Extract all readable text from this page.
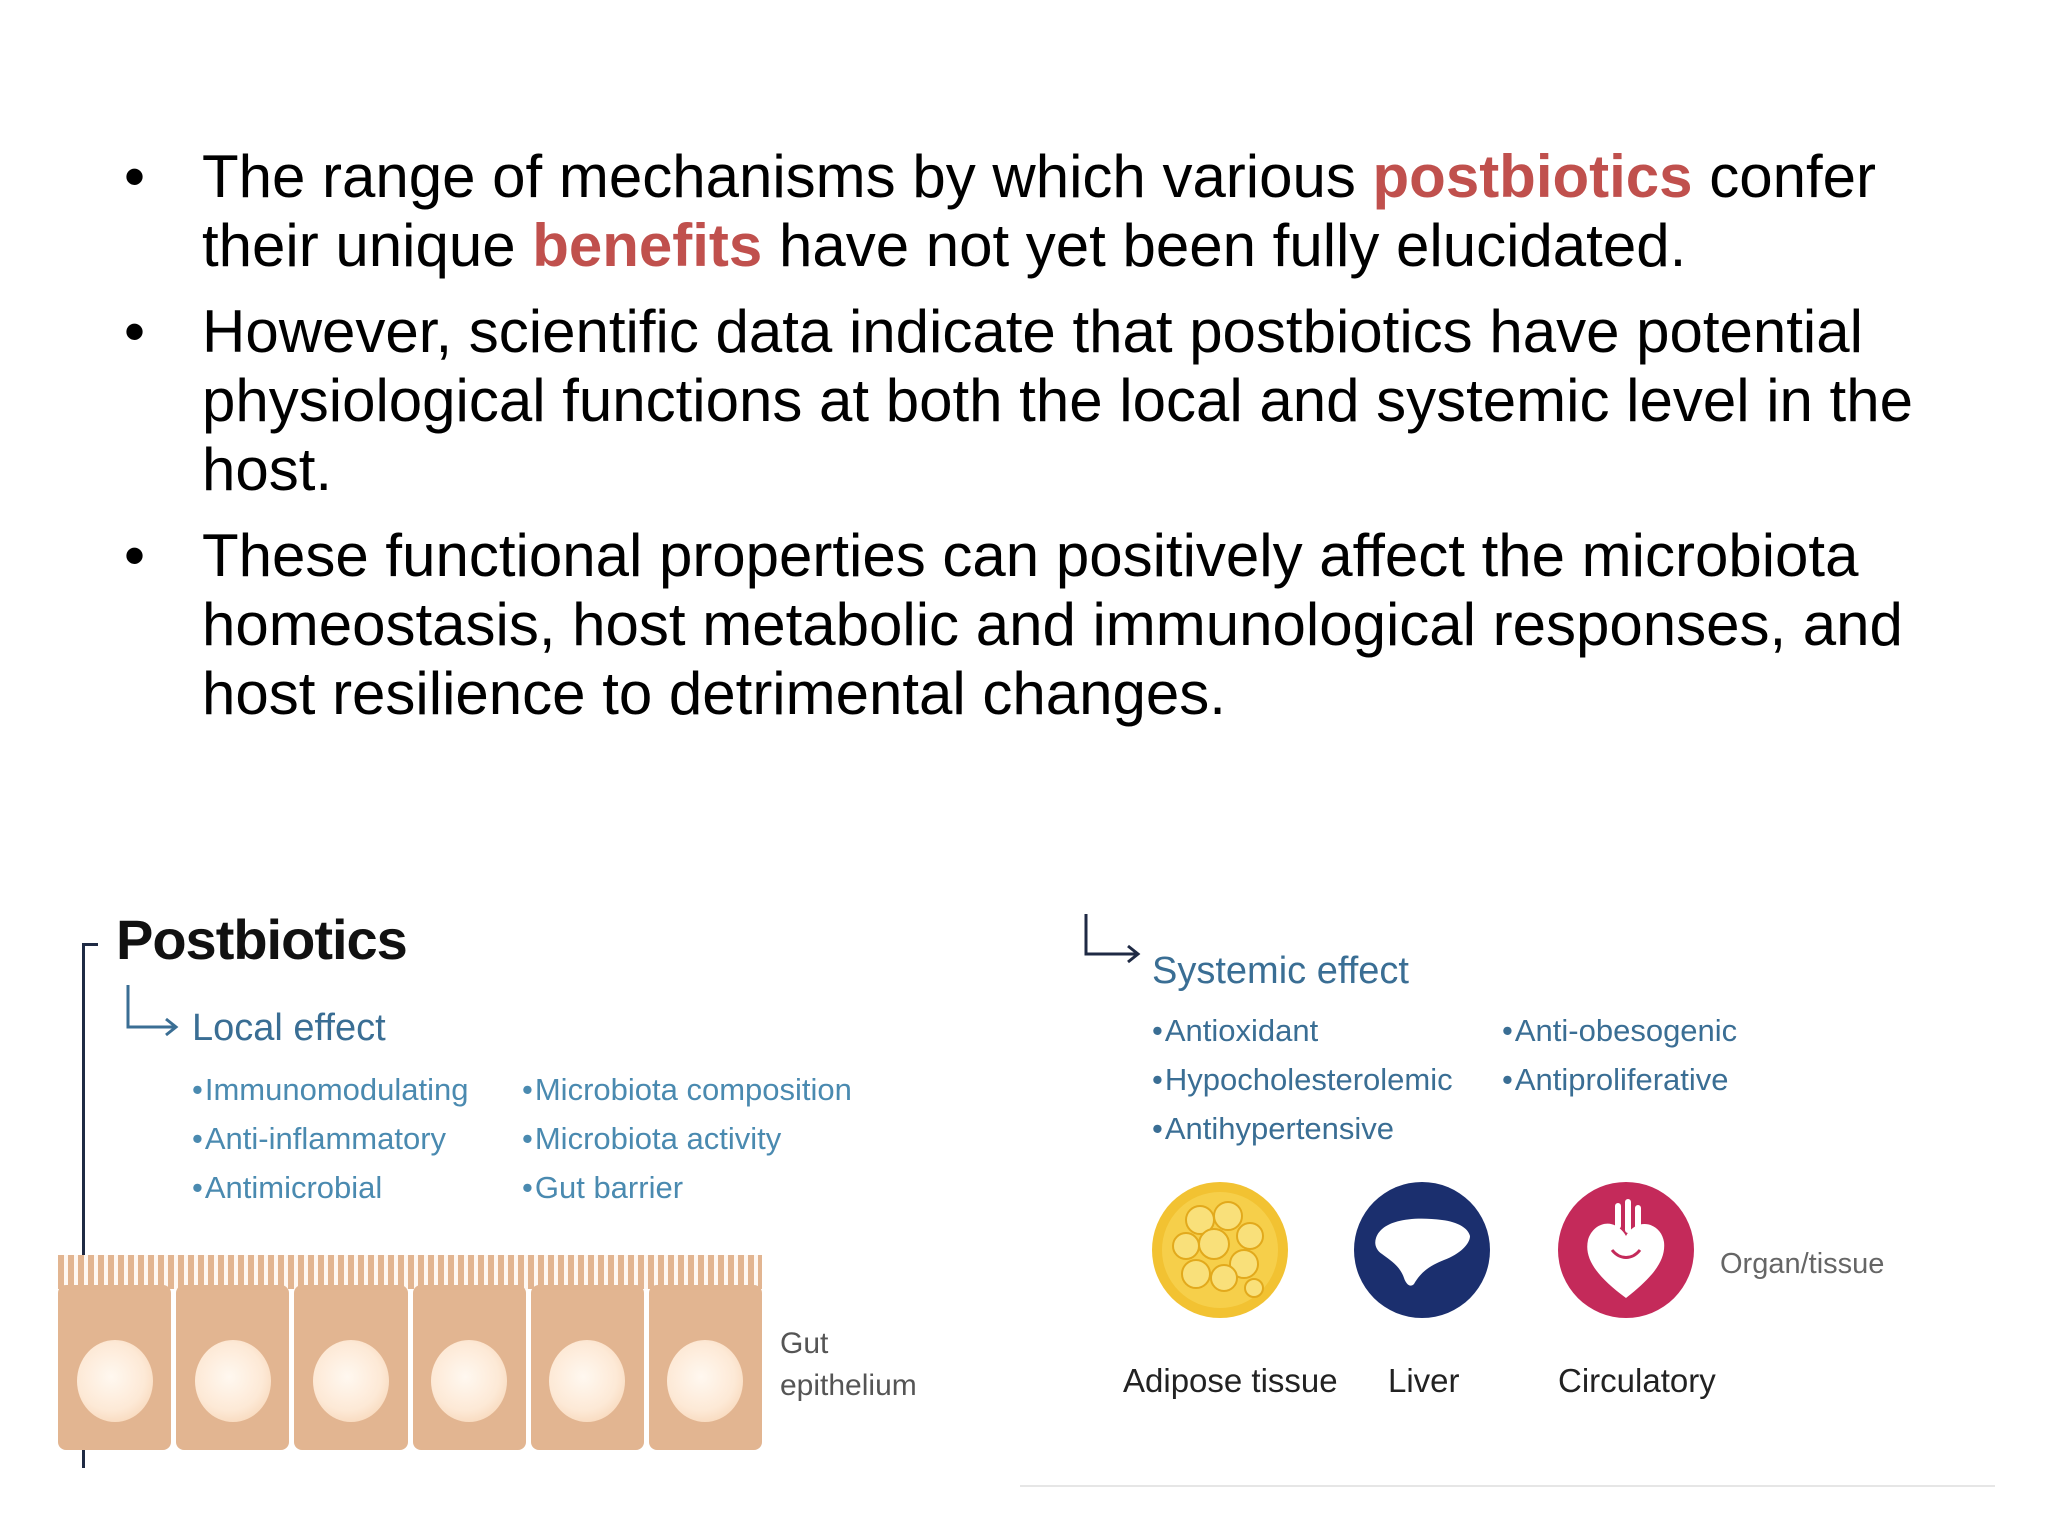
• The range of mechanisms by which various postbiotics confer their unique benefits have not yet been fully elucidated.
• However, scientific data indicate that postbiotics have potential physiological functions at both the local and systemic level in the host.
• These functional properties can positively affect the microbiota homeostasis, host metabolic and immunological responses, and host resilience to detrimental changes.
Postbiotics
Local effect
• Immunomodulating
• Anti-inflammatory
• Antimicrobial
• Microbiota composition
• Microbiota activity
• Gut barrier
Gut
epithelium
Systemic effect
• Antioxidant
• Hypocholesterolemic
• Antihypertensive
• Anti-obesogenic
• Antiproliferative
Adipose tissue Liver	Circulatory
Organ/tissue
